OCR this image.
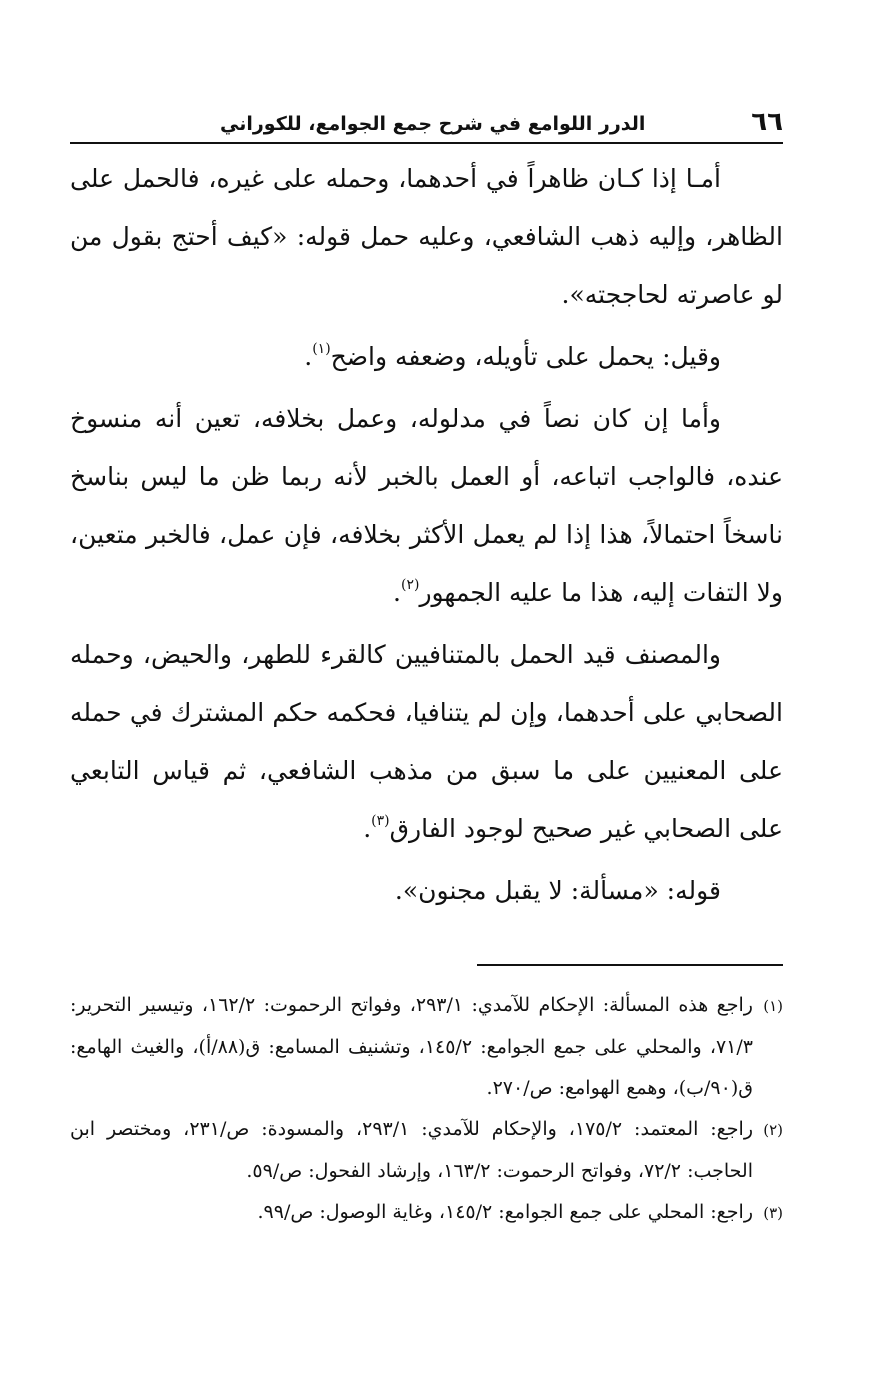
٦٦
الدرر اللوامع في شرح جمع الجوامع، للكوراني

أمـا إذا كـان ظاهراً في أحدهما، وحمله على غيره، فالحمل على الظاهر، وإليه ذهب الشافعي، وعليه حمل قوله: «كيف أحتج بقول من لو عاصرته لحاججته».

وقيل: يحمل على تأويله، وضعفه واضح$^{(١)}$.

وأما إن كان نصاً في مدلوله، وعمل بخلافه، تعين أنه منسوخ عنده، فالواجب اتباعه، أو العمل بالخبر لأنه ربما ظن ما ليس بناسخ ناسخاً احتمالاً، هذا إذا لم يعمل الأكثر بخلافه، فإن عمل، فالخبر متعين، ولا التفات إليه، هذا ما عليه الجمهور$^{(٢)}$.

والمصنف قيد الحمل بالمتنافيين كالقرء للطهر، والحيض، وحمله الصحابي على أحدهما، وإن لم يتنافيا، فحكمه حكم المشترك في حمله على المعنيين على ما سبق من مذهب الشافعي، ثم قياس التابعي على الصحابي غير صحيح لوجود الفارق$^{(٣)}$.

قوله: «مسألة: لا يقبل مجنون».

(١)راجع هذه المسألة: الإحكام للآمدي: ٢٩٣/١، وفواتح الرحموت: ١٦٢/٢، وتيسير التحرير: ٧١/٣، والمحلي على جمع الجوامع: ١٤٥/٢، وتشنيف المسامع: ق(٨٨/أ)، والغيث الهامع: ق(٩٠/ب)، وهمع الهوامع: ص/٢٧٠.

(٢)راجع: المعتمد: ١٧٥/٢، والإحكام للآمدي: ٢٩٣/١، والمسودة: ص/٢٣١، ومختصر ابن الحاجب: ٧٢/٢، وفواتح الرحموت: ١٦٣/٢، وإرشاد الفحول: ص/٥٩.

(٣)راجع: المحلي على جمع الجوامع: ١٤٥/٢، وغاية الوصول: ص/٩٩.
